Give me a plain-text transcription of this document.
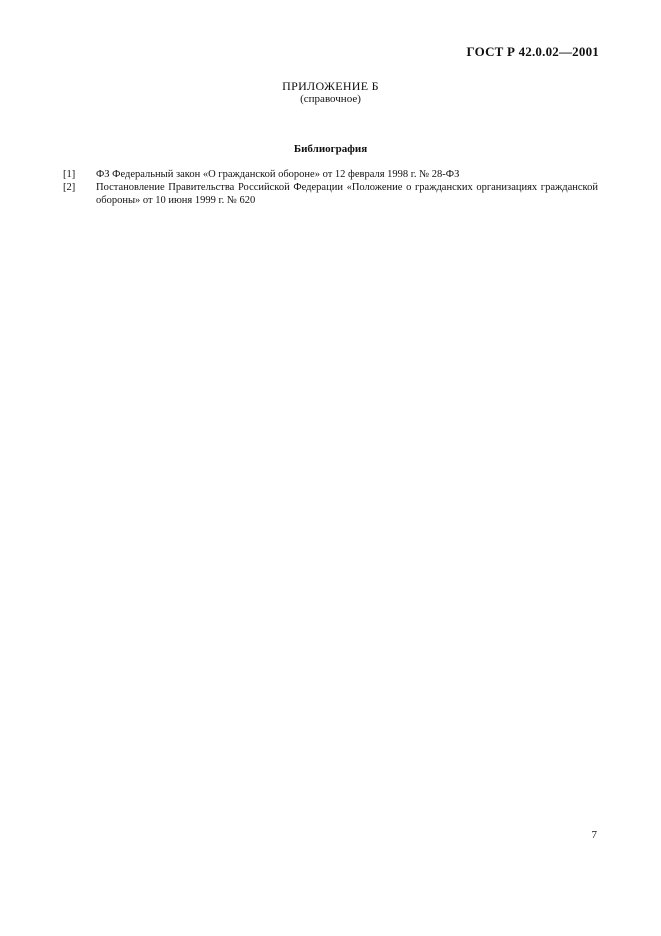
ГОСТ Р 42.0.02—2001
ПРИЛОЖЕНИЕ Б
(справочное)
Библиография
[1]	ФЗ Федеральный закон «О гражданской обороне» от 12 февраля 1998 г. № 28-ФЗ
[2]	Постановление Правительства Российской Федерации «Положение о гражданских организациях гражданской обороны» от 10 июня 1999 г. № 620
7
